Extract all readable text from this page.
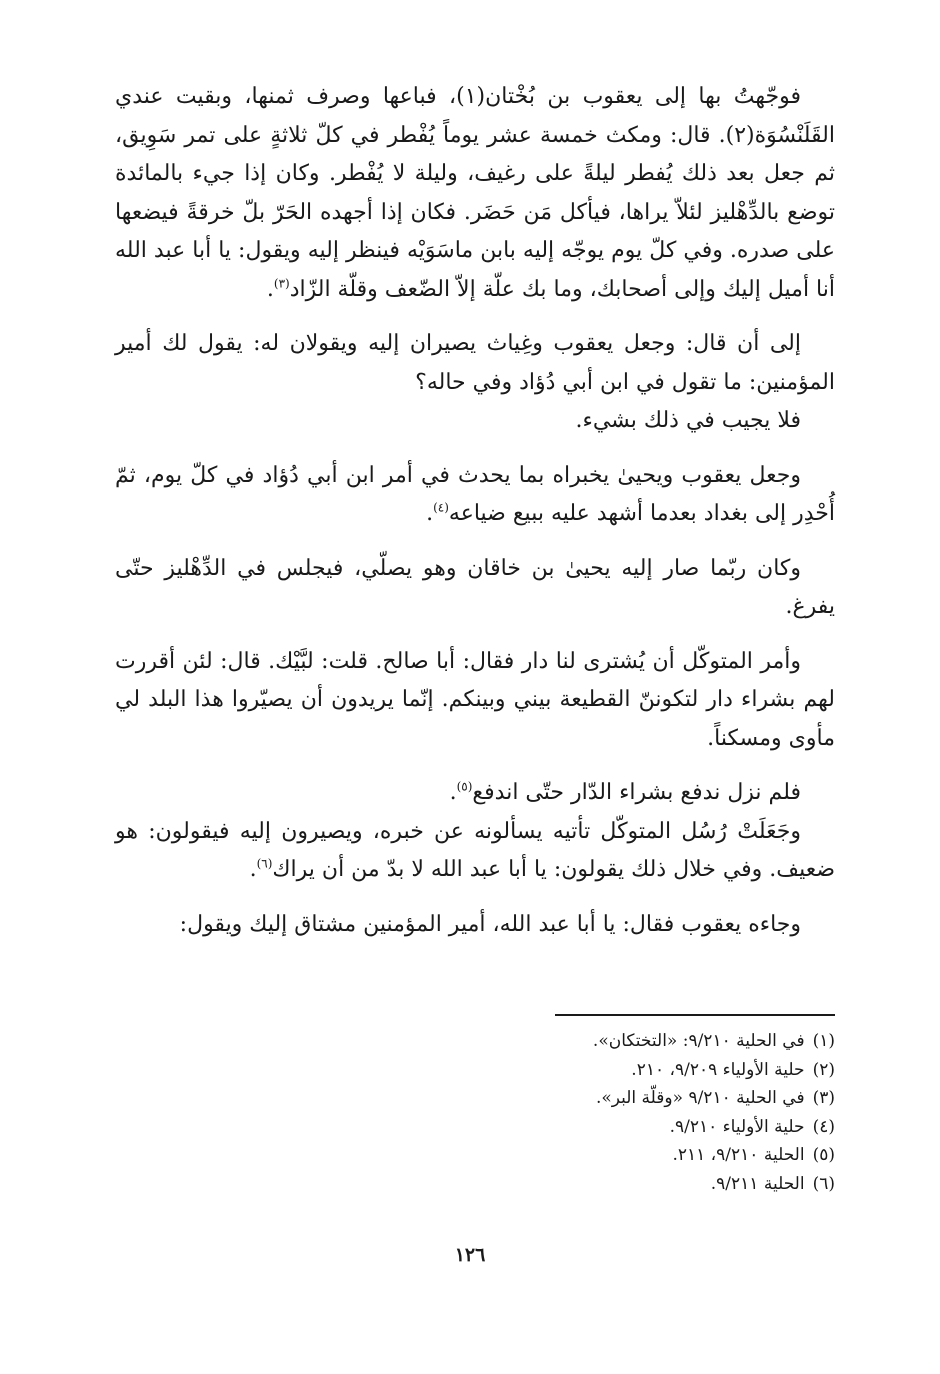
فوجّهتُ بها إلى يعقوب بن بُخْتان(١)، فباعها وصرف ثمنها، وبقيت عندي القَلَنْسُوَة(٢). قال: ومكث خمسة عشر يوماً يُفْطر في كلّ ثلاثةٍ على تمر سَوِيق، ثم جعل بعد ذلك يُفطر ليلةً على رغيف، وليلة لا يُفْطر. وكان إذا جيء بالمائدة توضع بالدِّهْليز لئلاّ يراها، فيأكل مَن حَضَر. فكان إذا أجهده الحَرّ بلّ خرقةً فيضعها على صدره. وفي كلّ يوم يوجّه إليه بابن ماسَوَيْه فينظر إليه ويقول: يا أبا عبد الله أنا أميل إليك وإلى أصحابك، وما بك علّة إلاّ الضّعف وقلّة الزّاد$^{(٣)}$.

إلى أن قال: وجعل يعقوب وغِياث يصيران إليه ويقولان له: يقول لك أمير المؤمنين: ما تقول في ابن أبي دُؤاد وفي حاله؟

فلا يجيب في ذلك بشيء.

وجعل يعقوب ويحيىٰ يخبراه بما يحدث في أمر ابن أبي دُؤاد في كلّ يوم، ثمّ أُحْدِر إلى بغداد بعدما أشهد عليه ببيع ضياعه$^{(٤)}$.

وكان ربّما صار إليه يحيىٰ بن خاقان وهو يصلّي، فيجلس في الدِّهْليز حتّى يفرغ.

وأمر المتوكّل أن يُشترى لنا دار فقال: أبا صالح. قلت: لبَّيْك. قال: لئن أقررت لهم بشراء دار لتكوننّ القطيعة بيني وبينكم. إنّما يريدون أن يصيّروا هذا البلد لي مأوى ومسكناً.

فلم نزل ندفع بشراء الدّار حتّى اندفع$^{(٥)}$.

وجَعَلَتْ رُسُل المتوكّل تأتيه يسألونه عن خبره، ويصيرون إليه فيقولون: هو ضعيف. وفي خلال ذلك يقولون: يا أبا عبد الله لا بدّ من أن يراك$^{(٦)}$.

وجاءه يعقوب فقال: يا أبا عبد الله، أمير المؤمنين مشتاق إليك ويقول:

(١)في الحلية ٩/٢١٠: «التختكان».
(٢)حلية الأولياء ٩/٢٠٩، ٢١٠.
(٣)في الحلية ٩/٢١٠ «وقلّة البر».
(٤)حلية الأولياء ٩/٢١٠.
(٥)الحلية ٩/٢١٠، ٢١١.
(٦)الحلية ٩/٢١١.
١٢٦
